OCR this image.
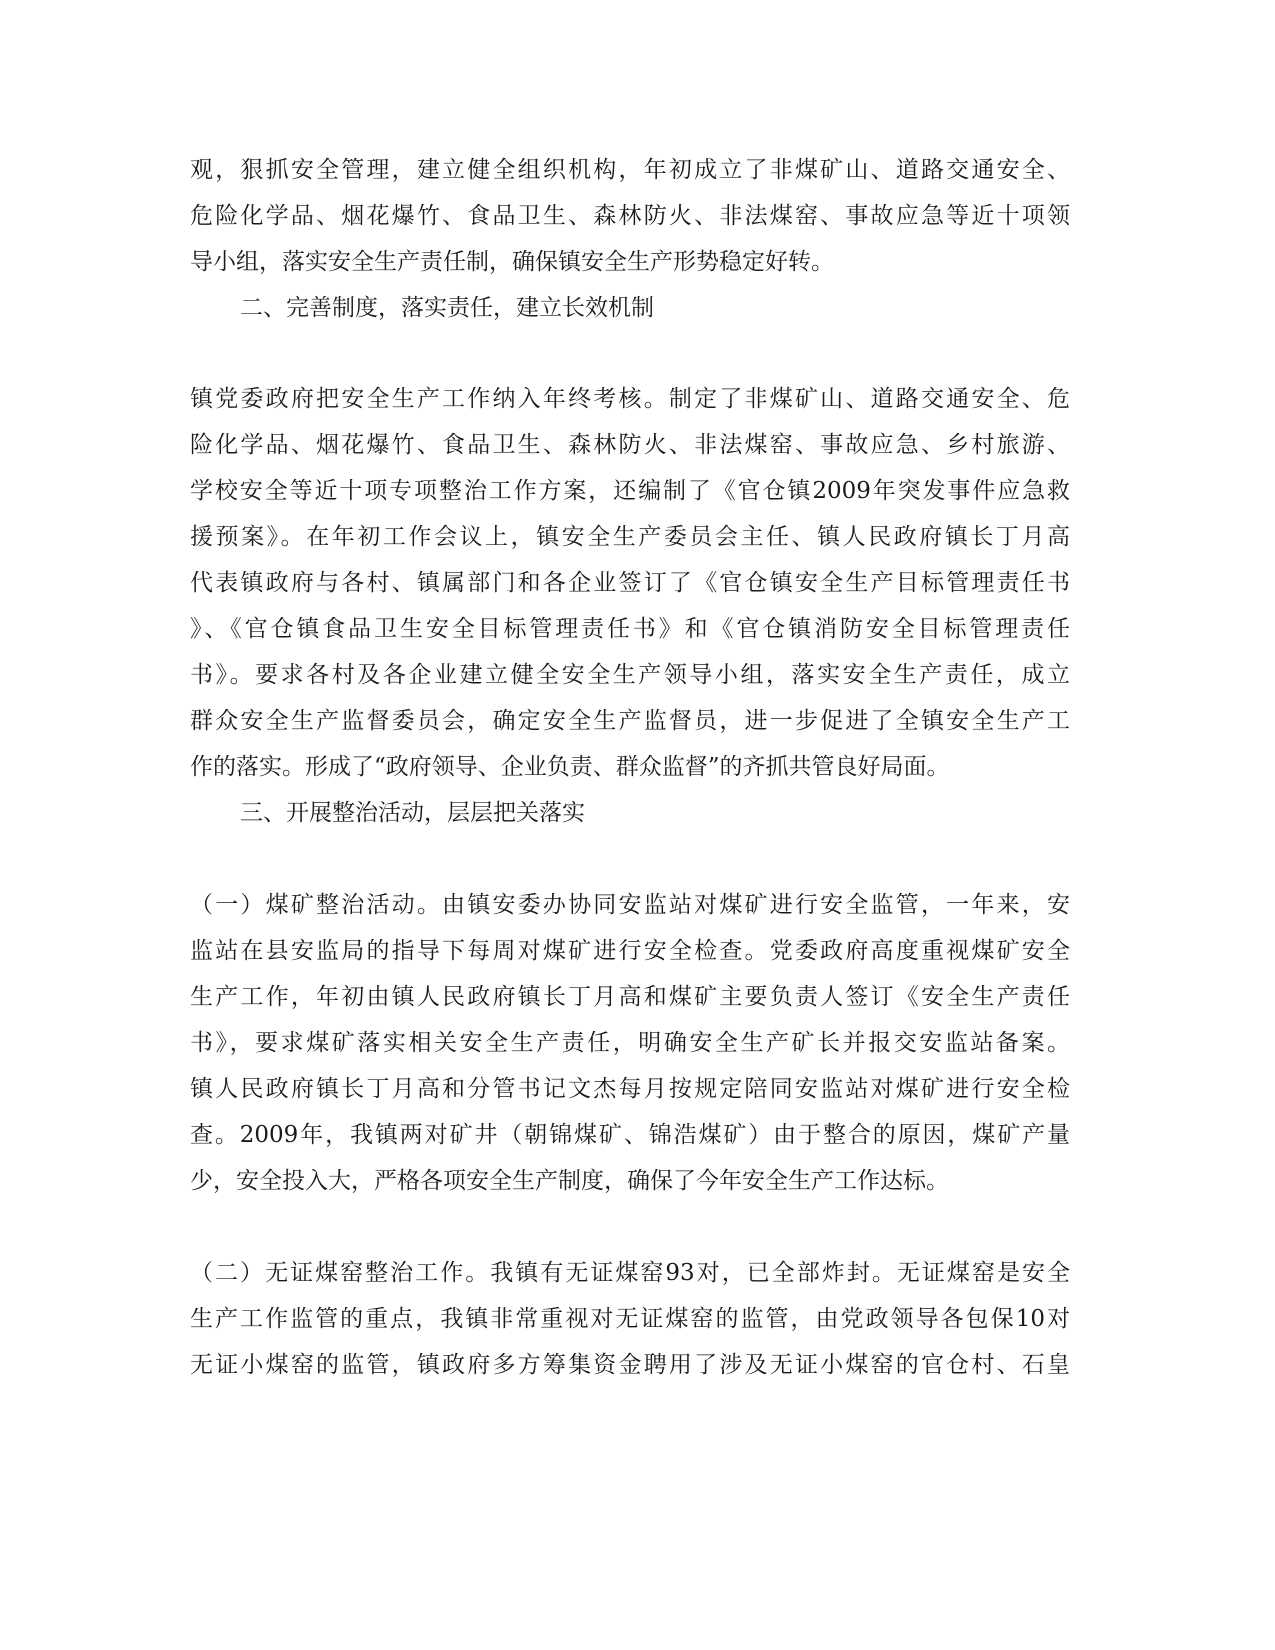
观，狠抓安全管理，建立健全组织机构，年初成立了非煤矿山、道路交通安全、
危险化学品、烟花爆竹、食品卫生、森林防火、非法煤窑、事故应急等近十项领
导小组，落实安全生产责任制，确保镇安全生产形势稳定好转。
二、完善制度，落实责任，建立长效机制
镇党委政府把安全生产工作纳入年终考核。制定了非煤矿山、道路交通安全、危
险化学品、烟花爆竹、食品卫生、森林防火、非法煤窑、事故应急、乡村旅游、
学校安全等近十项专项整治工作方案，还编制了《官仓镇2009年突发事件应急救
援预案》。在年初工作会议上，镇安全生产委员会主任、镇人民政府镇长丁月高
代表镇政府与各村、镇属部门和各企业签订了《官仓镇安全生产目标管理责任书
》、《官仓镇食品卫生安全目标管理责任书》和《官仓镇消防安全目标管理责任
书》。要求各村及各企业建立健全安全生产领导小组，落实安全生产责任，成立
群众安全生产监督委员会，确定安全生产监督员，进一步促进了全镇安全生产工
作的落实。形成了“政府领导、企业负责、群众监督”的齐抓共管良好局面。
三、开展整治活动，层层把关落实
（一）煤矿整治活动。由镇安委办协同安监站对煤矿进行安全监管，一年来，安
监站在县安监局的指导下每周对煤矿进行安全检查。党委政府高度重视煤矿安全
生产工作，年初由镇人民政府镇长丁月高和煤矿主要负责人签订《安全生产责任
书》，要求煤矿落实相关安全生产责任，明确安全生产矿长并报交安监站备案。
镇人民政府镇长丁月高和分管书记文杰每月按规定陪同安监站对煤矿进行安全检
查。2009年，我镇两对矿井（朝锦煤矿、锦浩煤矿）由于整合的原因，煤矿产量
少，安全投入大，严格各项安全生产制度，确保了今年安全生产工作达标。
（二）无证煤窑整治工作。我镇有无证煤窑93对，已全部炸封。无证煤窑是安全
生产工作监管的重点，我镇非常重视对无证煤窑的监管，由党政领导各包保10对
无证小煤窑的监管，镇政府多方筹集资金聘用了涉及无证小煤窑的官仓村、石皇
